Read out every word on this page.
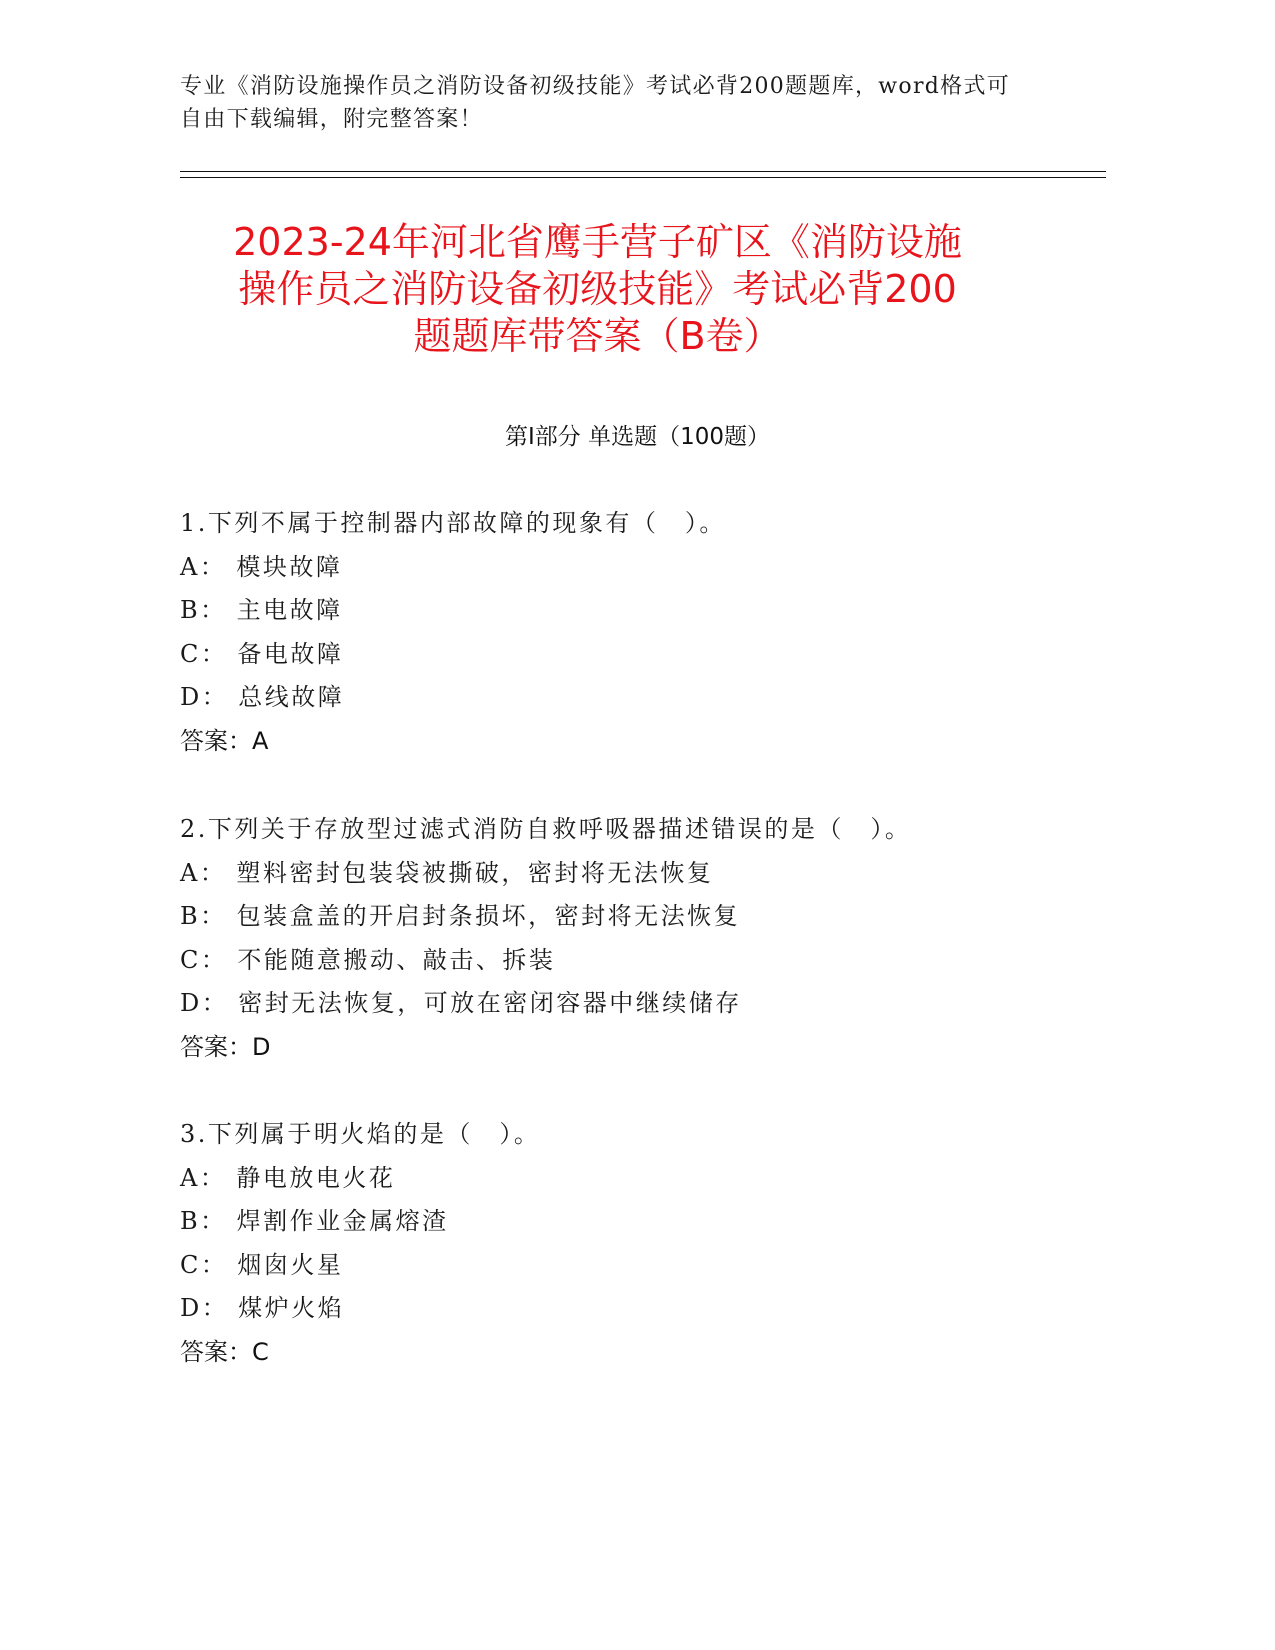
专业《消防设施操作员之消防设备初级技能》考试必背200题题库，word格式可
自由下载编辑，附完整答案！
2023-24年河北省鹰手营子矿区《消防设施
操作员之消防设备初级技能》考试必背200
题题库带答案（B卷）
第I部分 单选题（100题）
1.下列不属于控制器内部故障的现象有（　）。
A： 模块故障
B： 主电故障
C： 备电故障
D： 总线故障
答案：A
2.下列关于存放型过滤式消防自救呼吸器描述错误的是（　）。
A： 塑料密封包装袋被撕破，密封将无法恢复
B： 包装盒盖的开启封条损坏，密封将无法恢复
C： 不能随意搬动、敲击、拆装
D： 密封无法恢复，可放在密闭容器中继续储存
答案：D
3.下列属于明火焰的是（　）。
A： 静电放电火花
B： 焊割作业金属熔渣
C： 烟囱火星
D： 煤炉火焰
答案：C
